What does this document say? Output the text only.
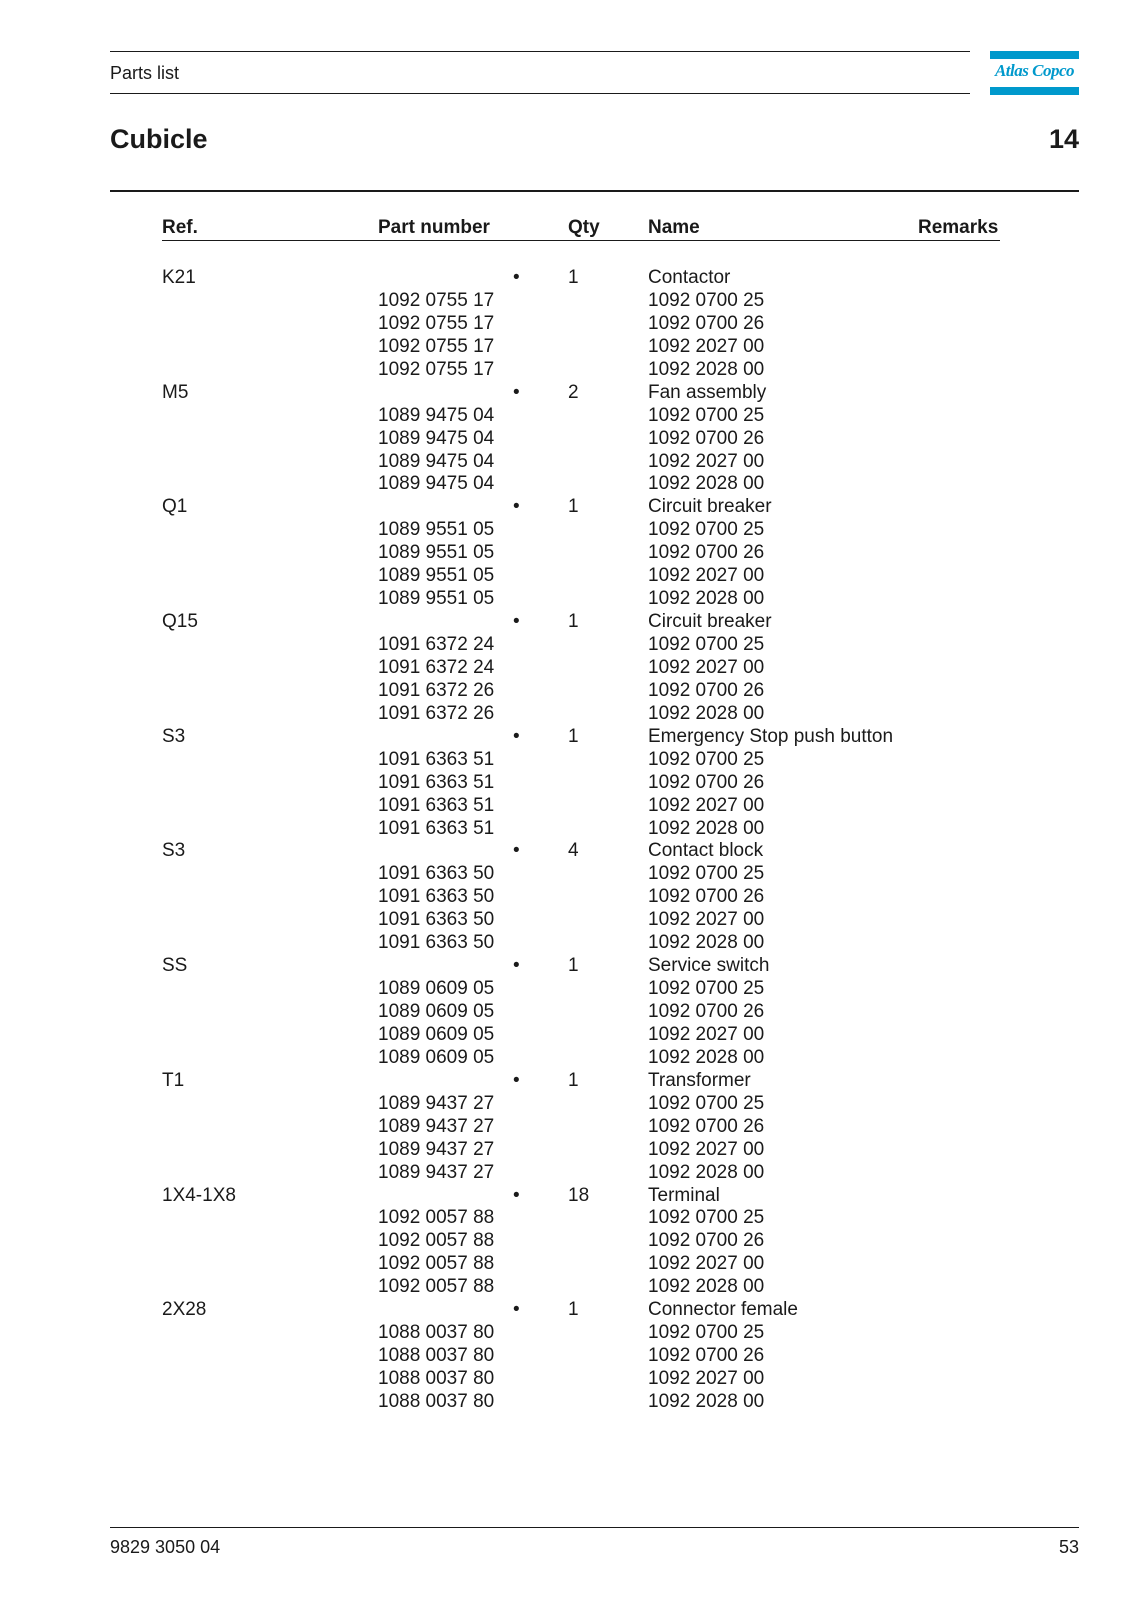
Parts list	Atlas Copco
Cubicle	14
Ref.	Part number	Qty	Name	Remarks
K21	•	1	Contactor
1092 0755 17	1092 0700 25
1092 0755 17	1092 0700 26
1092 0755 17	1092 2027 00
1092 0755 17	1092 2028 00
M5	•	2	Fan assembly
1089 9475 04	1092 0700 25
1089 9475 04	1092 0700 26
1089 9475 04	1092 2027 00
1089 9475 04	1092 2028 00
Q1	•	1	Circuit breaker
1089 9551 05	1092 0700 25
1089 9551 05	1092 0700 26
1089 9551 05	1092 2027 00
1089 9551 05	1092 2028 00
Q15	•	1	Circuit breaker
1091 6372 24	1092 0700 25
1091 6372 24	1092 2027 00
1091 6372 26	1092 0700 26
1091 6372 26	1092 2028 00
S3	•	1	Emergency Stop push button
1091 6363 51	1092 0700 25
1091 6363 51	1092 0700 26
1091 6363 51	1092 2027 00
1091 6363 51	1092 2028 00
S3	•	4	Contact block
1091 6363 50	1092 0700 25
1091 6363 50	1092 0700 26
1091 6363 50	1092 2027 00
1091 6363 50	1092 2028 00
SS	•	1	Service switch
1089 0609 05	1092 0700 25
1089 0609 05	1092 0700 26
1089 0609 05	1092 2027 00
1089 0609 05	1092 2028 00
T1	•	1	Transformer
1089 9437 27	1092 0700 25
1089 9437 27	1092 0700 26
1089 9437 27	1092 2027 00
1089 9437 27	1092 2028 00
1X4-1X8	•	18	Terminal
1092 0057 88	1092 0700 25
1092 0057 88	1092 0700 26
1092 0057 88	1092 2027 00
1092 0057 88	1092 2028 00
2X28	•	1	Connector female
1088 0037 80	1092 0700 25
1088 0037 80	1092 0700 26
1088 0037 80	1092 2027 00
1088 0037 80	1092 2028 00
9829 3050 04	53
